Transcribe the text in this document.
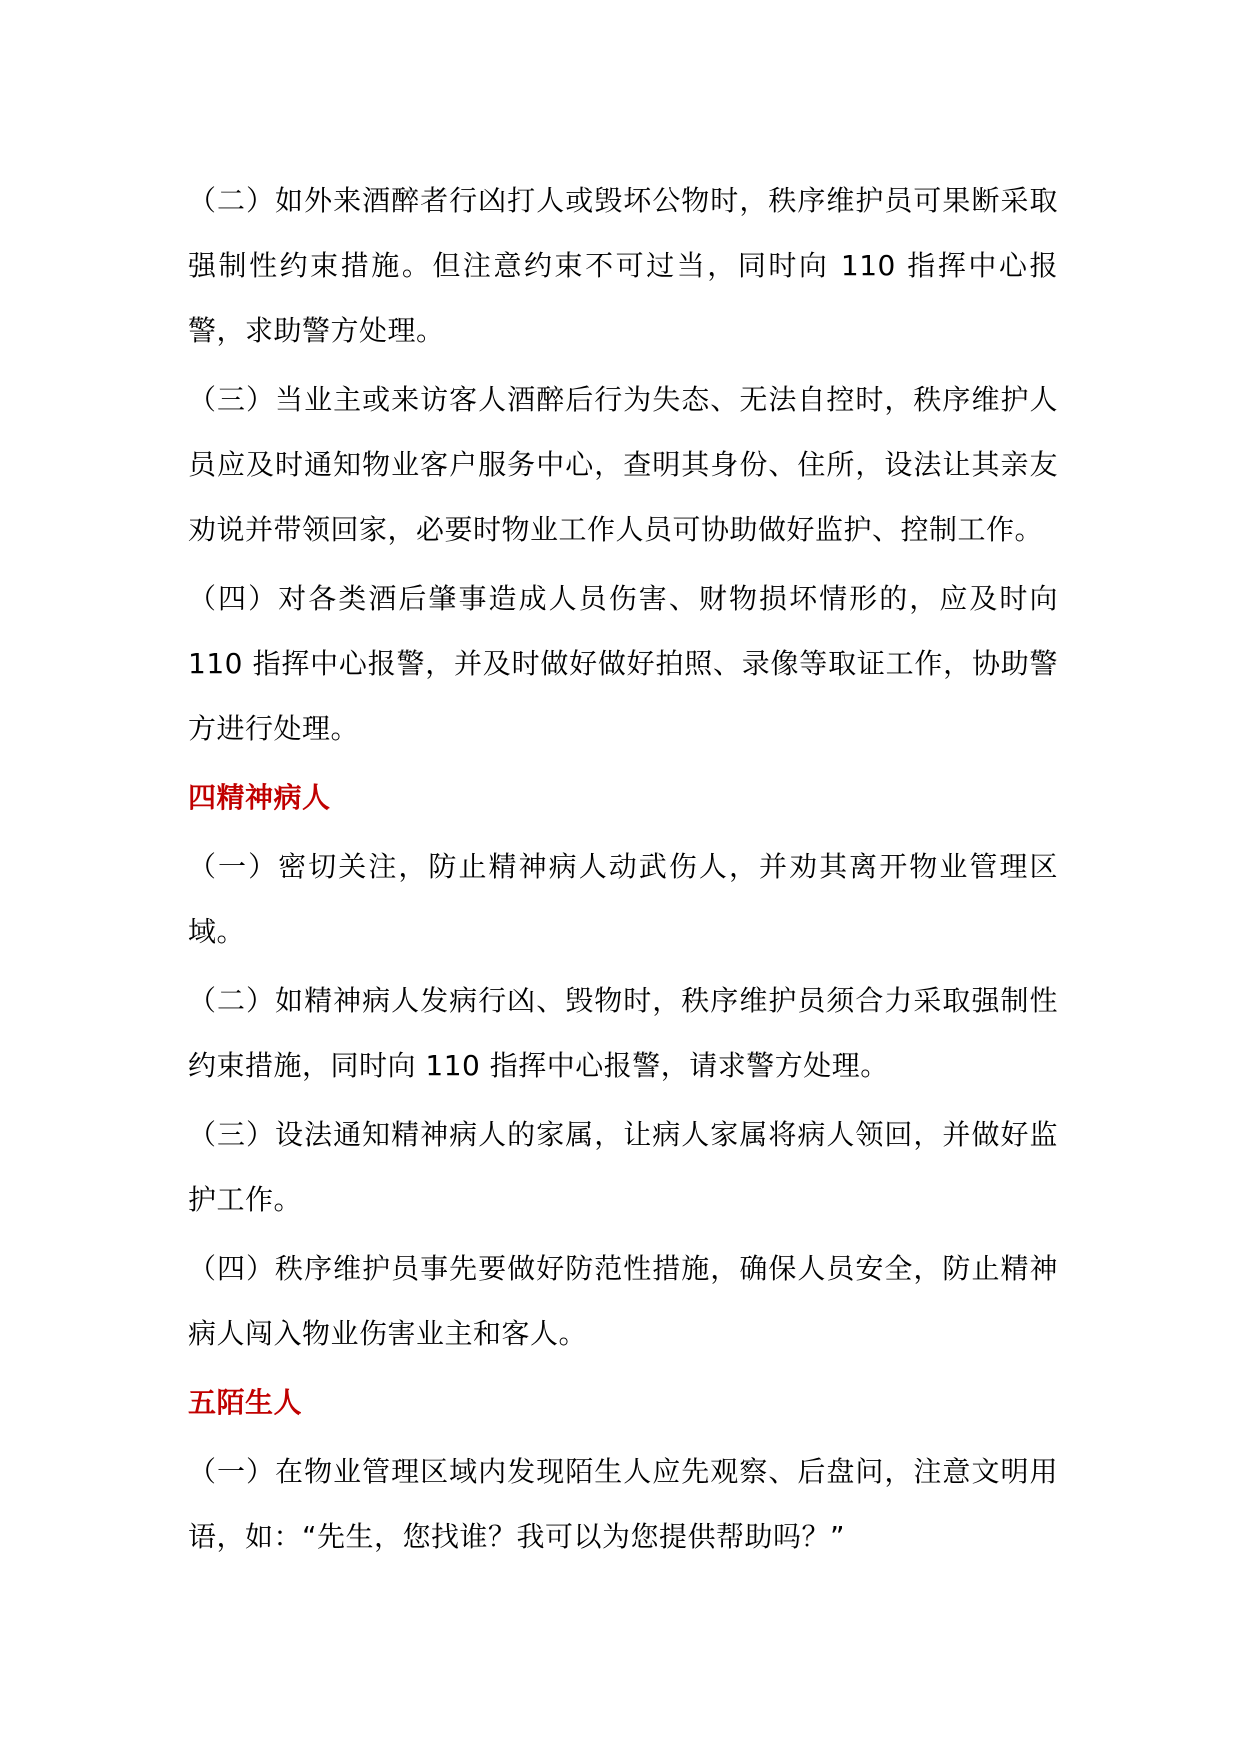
（二）如外来酒醉者行凶打人或毁坏公物时，秩序维护员可果断采取强制性约束措施。但注意约束不可过当，同时向 110 指挥中心报警，求助警方处理。

（三）当业主或来访客人酒醉后行为失态、无法自控时，秩序维护人员应及时通知物业客户服务中心，查明其身份、住所，设法让其亲友劝说并带领回家，必要时物业工作人员可协助做好监护、控制工作。

（四）对各类酒后肇事造成人员伤害、财物损坏情形的，应及时向 110 指挥中心报警，并及时做好做好拍照、录像等取证工作，协助警方进行处理。

四精神病人

（一）密切关注，防止精神病人动武伤人，并劝其离开物业管理区域。

（二）如精神病人发病行凶、毁物时，秩序维护员须合力采取强制性约束措施，同时向 110 指挥中心报警，请求警方处理。

（三）设法通知精神病人的家属，让病人家属将病人领回，并做好监护工作。

（四）秩序维护员事先要做好防范性措施，确保人员安全，防止精神病人闯入物业伤害业主和客人。

五陌生人

（一）在物业管理区域内发现陌生人应先观察、后盘问，注意文明用语，如：“先生，您找谁？我可以为您提供帮助吗？”
